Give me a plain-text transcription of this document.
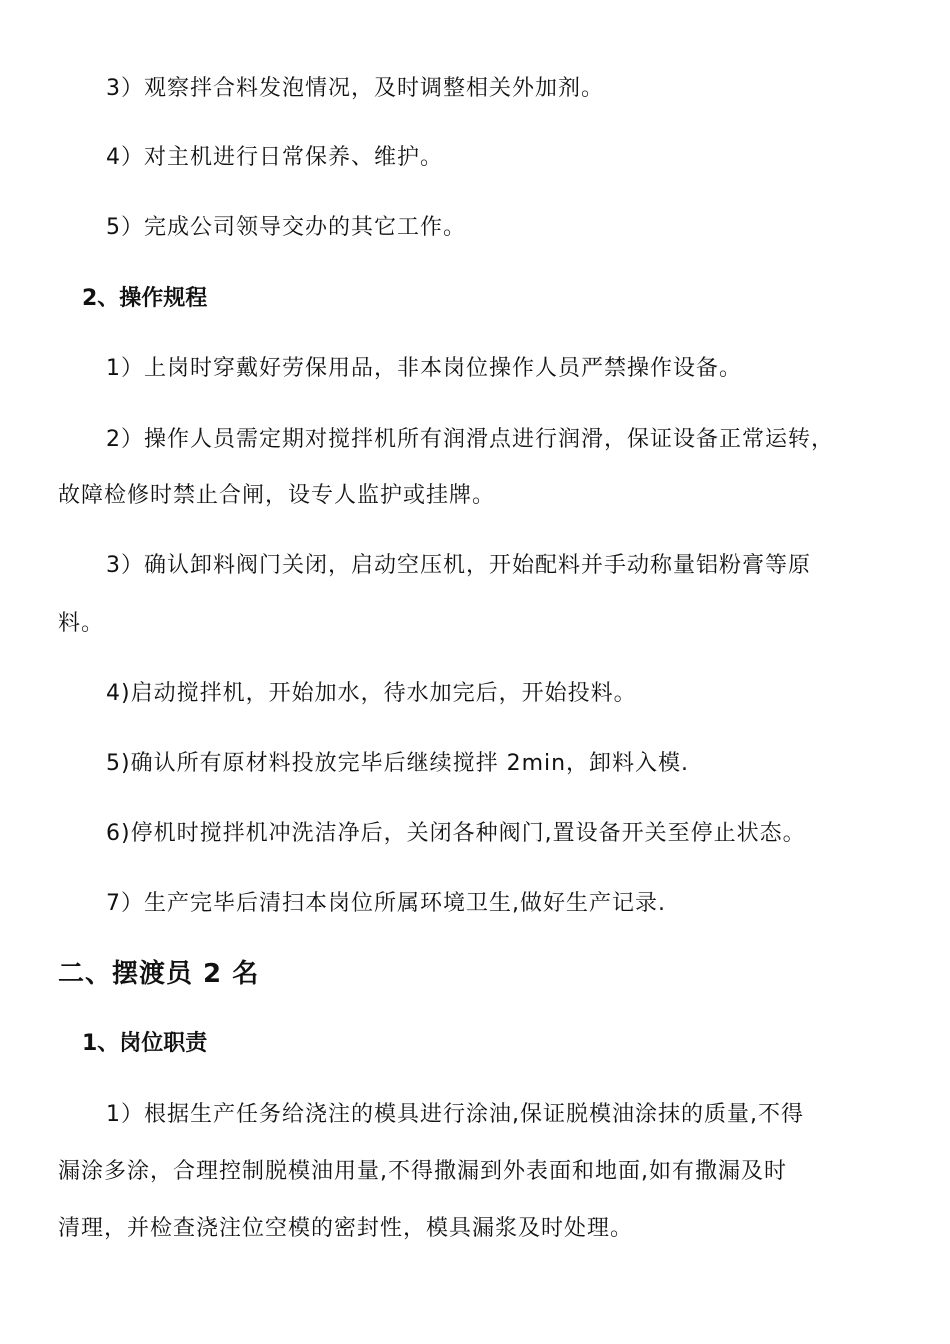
3）观察拌合料发泡情况，及时调整相关外加剂。
4）对主机进行日常保养、维护。
5）完成公司领导交办的其它工作。
2、操作规程
1）上岗时穿戴好劳保用品，非本岗位操作人员严禁操作设备。
2）操作人员需定期对搅拌机所有润滑点进行润滑，保证设备正常运转，
故障检修时禁止合闸，设专人监护或挂牌。
3）确认卸料阀门关闭，启动空压机，开始配料并手动称量铝粉膏等原
料。
4)启动搅拌机，开始加水，待水加完后，开始投料。
5)确认所有原材料投放完毕后继续搅拌 2min，卸料入模.
6)停机时搅拌机冲洗洁净后，关闭各种阀门,置设备开关至停止状态。
7）生产完毕后清扫本岗位所属环境卫生,做好生产记录.
二、摆渡员 2 名
1、岗位职责
1）根据生产任务给浇注的模具进行涂油,保证脱模油涂抹的质量,不得
漏涂多涂，合理控制脱模油用量,不得撒漏到外表面和地面,如有撒漏及时
清理，并检查浇注位空模的密封性，模具漏浆及时处理。
